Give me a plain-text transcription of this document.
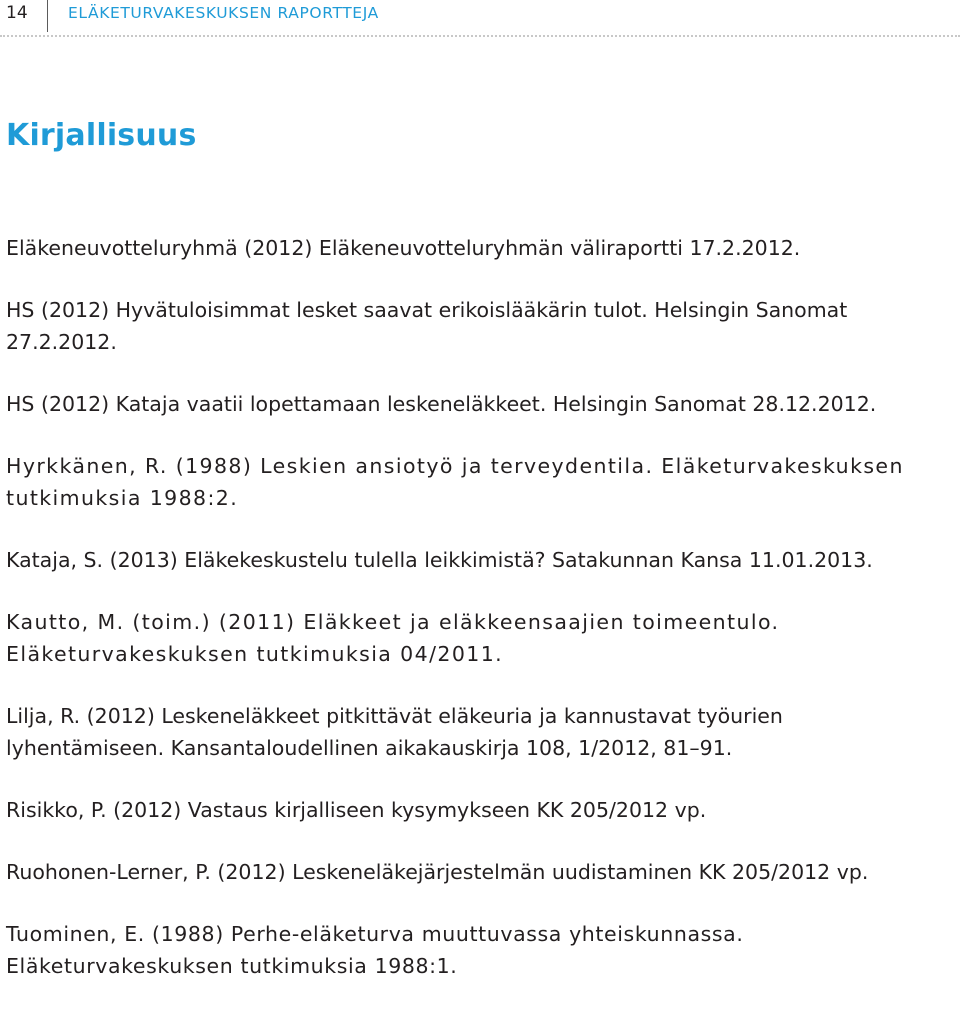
14	ELÄKETURVAKESKUKSEN RAPORTTEJA
Kirjallisuus

Eläkeneuvotteluryhmä (2012) Eläkeneuvotteluryhmän väliraportti 17.2.2012.

HS (2012) Hyvätuloisimmat lesket saavat erikoislääkärin tulot. Helsingin Sanomat 27.2.2012.

HS (2012) Kataja vaatii lopettamaan leskeneläkkeet. Helsingin Sanomat 28.12.2012.

Hyrkkänen, R. (1988) Leskien ansiotyö ja terveydentila. Eläketurvakeskuksen tutkimuksia 1988:2.

Kataja, S. (2013) Eläkekeskustelu tulella leikkimistä? Satakunnan Kansa 11.01.2013.

Kautto, M. (toim.) (2011) Eläkkeet ja eläkkeensaajien toimeentulo. Eläketurvakeskuksen tutkimuksia 04/2011.

Lilja, R. (2012) Leskeneläkkeet pitkittävät eläkeuria ja kannustavat työurien lyhentämiseen. Kansantaloudellinen aikakauskirja 108, 1/2012, 81–91.

Risikko, P. (2012) Vastaus kirjalliseen kysymykseen KK 205/2012 vp.

Ruohonen-Lerner, P. (2012) Leskeneläkejärjestelmän uudistaminen KK 205/2012 vp.

Tuominen, E. (1988) Perhe-eläketurva muuttuvassa yhteiskunnassa. Eläketurvakeskuksen tutkimuksia 1988:1.
